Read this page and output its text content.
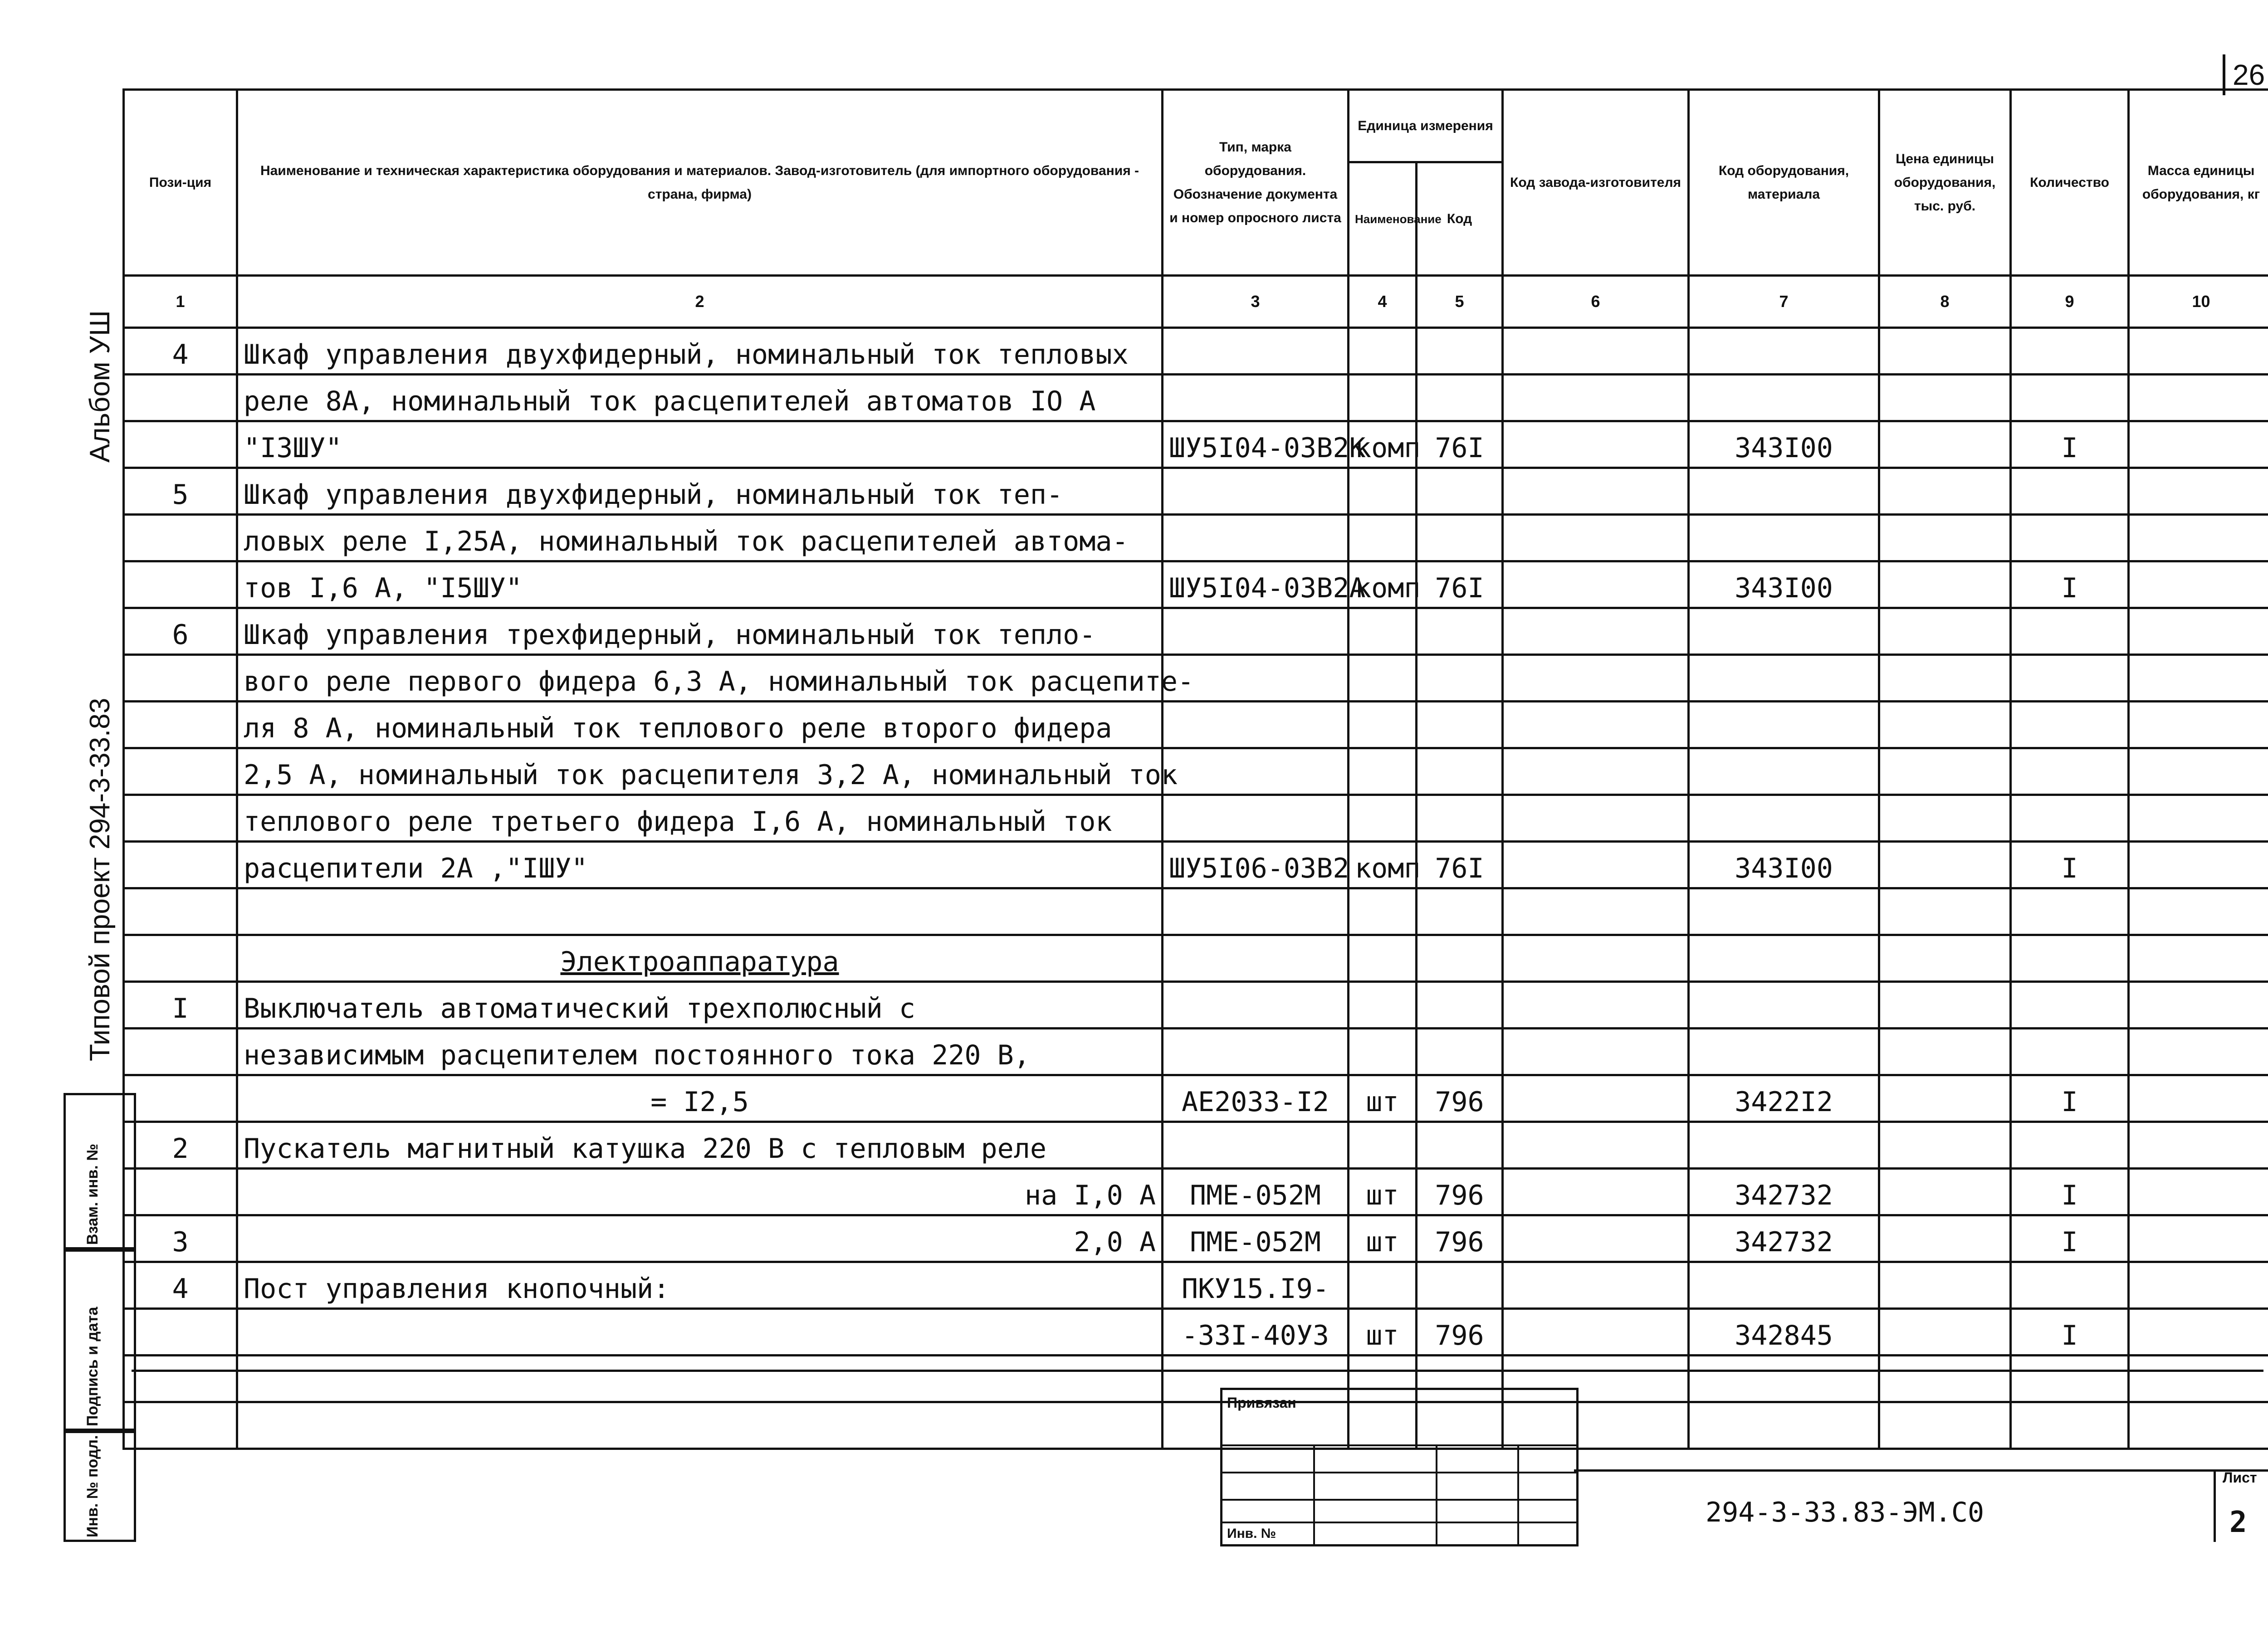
26
Альбом УШ
Типовой проект 294-3-33.83
Взам. инв. №
Подпись и дата
Инв. № подл.
Пози-ция	Наименование и техническая характеристика оборудования и материалов. Завод-изготовитель (для импортного оборудования - страна, фирма)	Тип, марка оборудования. Обозначение документа и номер опросного листа	Единица измерения		Код завода-изготовителя	Код оборудования, материала	Цена единицы оборудования, тыс. руб.	Количество	Масса единицы оборудования, кг
			Наименование	Код					
1	2	3	4	5	6	7	8	9	10
4	Шкаф управления двухфидерный, номинальный ток тепловых								
	реле 8А, номинальный ток расцепителей автоматов IO A								
	"I3ШУ"	ШУ5I04-03В2К	комп	76I		343I00		I	
5	Шкаф управления двухфидерный, номинальный ток теп-								
	ловых реле I,25А, номинальный ток расцепителей автома-								
	тов I,6 А, "I5ШУ"	ШУ5I04-03В2А	комп	76I		343I00		I	
6	Шкаф управления трехфидерный, номинальный ток тепло-								
	вого реле первого фидера 6,3 А, номинальный ток расцепите-								
	ля 8 А, номинальный ток теплового реле второго фидера								
	2,5 А, номинальный ток расцепителя 3,2 А, номинальный ток								
	теплового реле третьего фидера I,6 А, номинальный ток								
	расцепители 2А ,"IШУ"	ШУ5I06-03В2	комп	76I		343I00		I	

	Электроаппаратура								
I	Выключатель автоматический трехполюсный с								
	независимым расцепителем постоянного тока 220 В,								
	= I2,5	АЕ2033-I2	шт	796		3422I2		I	
2	Пускатель магнитный катушка 220 В с тепловым реле								
	на I,0 А	ПМЕ-052М	шт	796		342732		I	
3	2,0 А	ПМЕ-052М	шт	796		342732		I	
4	Пост управления кнопочный:	ПКУ15.I9-							
		-33I-40У3	шт	796		342845		I	

Привязан
Инв. №
294-3-33.83-ЭМ.С0
Лист
2
